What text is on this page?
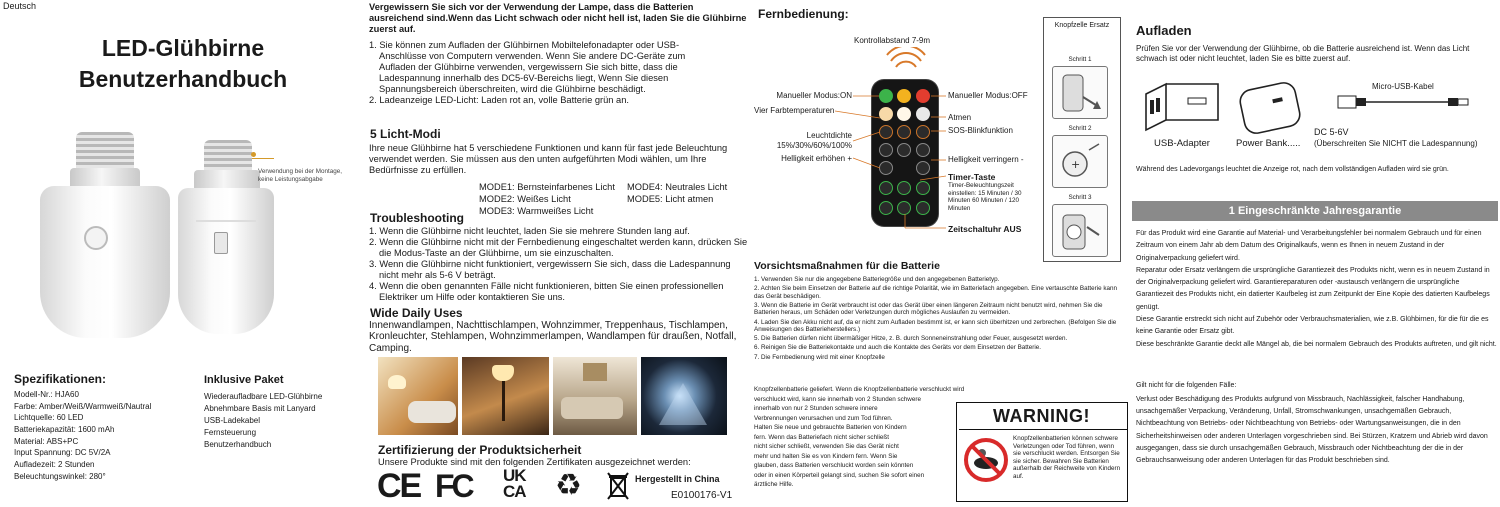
Deutsch
LED-Glühbirne
Benutzerhandbuch
Verwendung bei der Montage, keine Leistungsabgabe
Spezifikationen:
Modell-Nr.: HJA60
Farbe: Amber/Weiß/Warmweiß/Nautral
Lichtquelle: 60 LED
Batteriekapazität: 1600 mAh
Material: ABS+PC
Input Spannung: DC 5V/2A
Aufladezeit: 2 Stunden
Beleuchtungswinkel: 280°
Inklusive Paket
Wiederaufladbare LED-Glühbirne
Abnehmbare Basis mit Lanyard
USB-Ladekabel
Fernsteuerung
Benutzerhandbuch
Vergewissern Sie sich vor der Verwendung der Lampe, dass die Batterien ausreichend sind.Wenn das Licht schwach oder nicht hell ist, laden Sie die Glühbirne zuerst auf.
1. Sie können zum Aufladen der Glühbirnen Mobiltelefonadapter oder USB-Anschlüsse von Computern verwenden. Wenn Sie andere DC-Geräte zum Aufladen der Glühbirne verwenden, vergewissern Sie sich bitte, dass die Ladespannung innerhalb des DC5-6V-Bereichs liegt, Wenn Sie diesen Spannungsbereich überschreiten, wird die Glühbirne beschädigt.
2. Ladeanzeige LED-Licht: Laden rot an, volle Batterie grün an.
5 Licht-Modi
Ihre neue Glühbirne hat 5 verschiedene Funktionen und kann für fast jede Beleuchtung verwendet werden. Sie müssen aus den unten aufgeführten Modi wählen, um Ihre Bedürfnisse zu erfüllen.
MODE1: Bernsteinfarbenes Licht
MODE2: Weißes Licht
MODE3: Warmweißes Licht
MODE4: Neutrales Licht
MODE5: Licht atmen
Troubleshooting
1. Wenn die Glühbirne nicht leuchtet, laden Sie sie mehrere Stunden lang auf.
2. Wenn die Glühbirne nicht mit der Fernbedienung eingeschaltet werden kann, drücken Sie die Modus-Taste an der Glühbirne, um sie einzuschalten.
3. Wenn die Glühbirne nicht funktioniert, vergewissern Sie sich, dass die Ladespannung nicht mehr als 5-6 V beträgt.
4. Wenn die oben genannten Fälle nicht funktionieren, bitten Sie einen professionellen Elektriker um Hilfe oder kontaktieren Sie uns.
Wide Daily Uses
Innenwandlampen, Nachttischlampen, Wohnzimmer, Treppenhaus, Tischlampen, Kronleuchter, Stehlampen, Wohnzimmerlampen, Wandlampen für draußen, Notfall, Camping.
Zertifizierung der Produktsicherheit
Unsere Produkte sind mit den folgenden Zertifikaten ausgezeichnet werden:
CE FC UK CA ♻	Hergestellt in China
E0100176-V1
Fernbedienung:
Kontrollabstand 7-9m
Manueller Modus:ON
Vier Farbtemperaturen
Leuchtdichte 15%/30%/60%/100%
Helligkeit erhöhen +
Manueller Modus:OFF
Atmen
SOS-Blinkfunktion
Helligkeit verringern -
Timer-Taste
Timer-Beleuchtungszeit einstellen: 15 Minuten / 30 Minuten 60 Minuten / 120 Minuten
Zeitschaltuhr AUS
Knopfzelle Ersatz
Schritt 1
Schritt 2
+
Schritt 3
Vorsichtsmaßnahmen für die Batterie
1. Verwenden Sie nur die angegebene Batteriegröße und den angegebenen Batterietyp.
2. Achten Sie beim Einsetzen der Batterie auf die richtige Polarität, wie im Batteriefach angegeben. Eine vertauschte Batterie kann das Gerät beschädigen.
3. Wenn die Batterie im Gerät verbraucht ist oder das Gerät über einen längeren Zeitraum nicht benutzt wird, nehmen Sie die Batterien heraus, um Schäden oder Verletzungen durch mögliches Auslaufen zu vermeiden.
4. Laden Sie den Akku nicht auf, da er nicht zum Aufladen bestimmt ist, er kann sich überhitzen und zerbrechen. (Befolgen Sie die Anweisungen des Batterieherstellers.)
5. Die Batterien dürfen nicht übermäßiger Hitze, z. B. durch Sonneneinstrahlung oder Feuer, ausgesetzt werden.
6. Reinigen Sie die Batteriekontakte und auch die Kontakte des Geräts vor dem Einsetzen der Batterie.
7. Die Fernbedienung wird mit einer Knopfzelle
Knopfzellenbatterie geliefert. Wenn die Knopfzellenbatterie verschluckt wird
verschluckt wird, kann sie innerhalb von 2 Stunden schwere
innerhalb von nur 2 Stunden schwere innere
Verbrennungen verursachen und zum Tod führen.
Halten Sie neue und gebrauchte Batterien von Kindern
fern. Wenn das Batteriefach nicht sicher schließt
nicht sicher schließt, verwenden Sie das Gerät nicht
mehr und halten Sie es von Kindern fern. Wenn Sie
glauben, dass Batterien verschluckt worden sein könnten
oder in einen Körperteil gelangt sind, suchen Sie sofort einen
ärztliche Hilfe.
WARNING!
Knopfzellenbatterien können schwere Verletzungen oder Tod führen, wenn sie verschluckt werden. Entsorgen Sie sie sicher. Bewahren Sie Batterien außerhalb der Reichweite von Kindern auf.
Aufladen
Prüfen Sie vor der Verwendung der Glühbirne, ob die Batterie ausreichend ist. Wenn das Licht schwach ist oder nicht leuchtet, laden Sie es bitte zuerst auf.
USB-Adapter	Power Bank.....
Micro-USB-Kabel
DC 5-6V
(Überschreiten Sie NICHT die Ladespannung)
Während des Ladevorgangs leuchtet die Anzeige rot, nach dem vollständigen Aufladen wird sie grün.
1 Eingeschränkte Jahresgarantie
Für das Produkt wird eine Garantie auf Material- und Verarbeitungsfehler bei normalem Gebrauch und für einen Zeitraum von einem Jahr ab dem Datum des Originalkaufs, wenn es Ihnen in neuem Zustand in der Originalverpackung geliefert wird.
Reparatur oder Ersatz verlängern die ursprüngliche Garantiezeit des Produkts nicht, wenn es in neuem Zustand in der Originalverpackung geliefert wird. Garantiereparaturen oder -austausch verlängern die ursprüngliche Garantiezeit des Produkts nicht, ein datierter Kaufbeleg ist zum Zeitpunkt der Eine Kopie des datierten Kaufbelegs genügt.
Diese Garantie erstreckt sich nicht auf Zubehör oder Verbrauchsmaterialien, wie z.B. Glühbirnen, für die für die es keine Garantie oder Ersatz gibt.
Diese beschränkte Garantie deckt alle Mängel ab, die bei normalem Gebrauch des Produkts auftreten, und gilt nicht.
Gilt nicht für die folgenden Fälle:
Verlust oder Beschädigung des Produkts aufgrund von Missbrauch, Nachlässigkeit, falscher Handhabung, unsachgemäßer Verpackung, Veränderung, Unfall, Stromschwankungen, unsachgemäßen Gebrauch, Nichtbeachtung von Betriebs- oder Nichtbeachtung von Betriebs- oder Wartungsanweisungen, die in den Sicherheitshinweisen oder anderen Unterlagen vorgeschrieben sind. Bei Stürzen, Kratzern und Abrieb wird davon ausgegangen, dass sie durch unsachgemäßen Gebrauch, Missbrauch oder Nichtbeachtung der die in der Gebrauchsanweisung oder anderen Unterlagen für das Produkt beschrieben sind.
